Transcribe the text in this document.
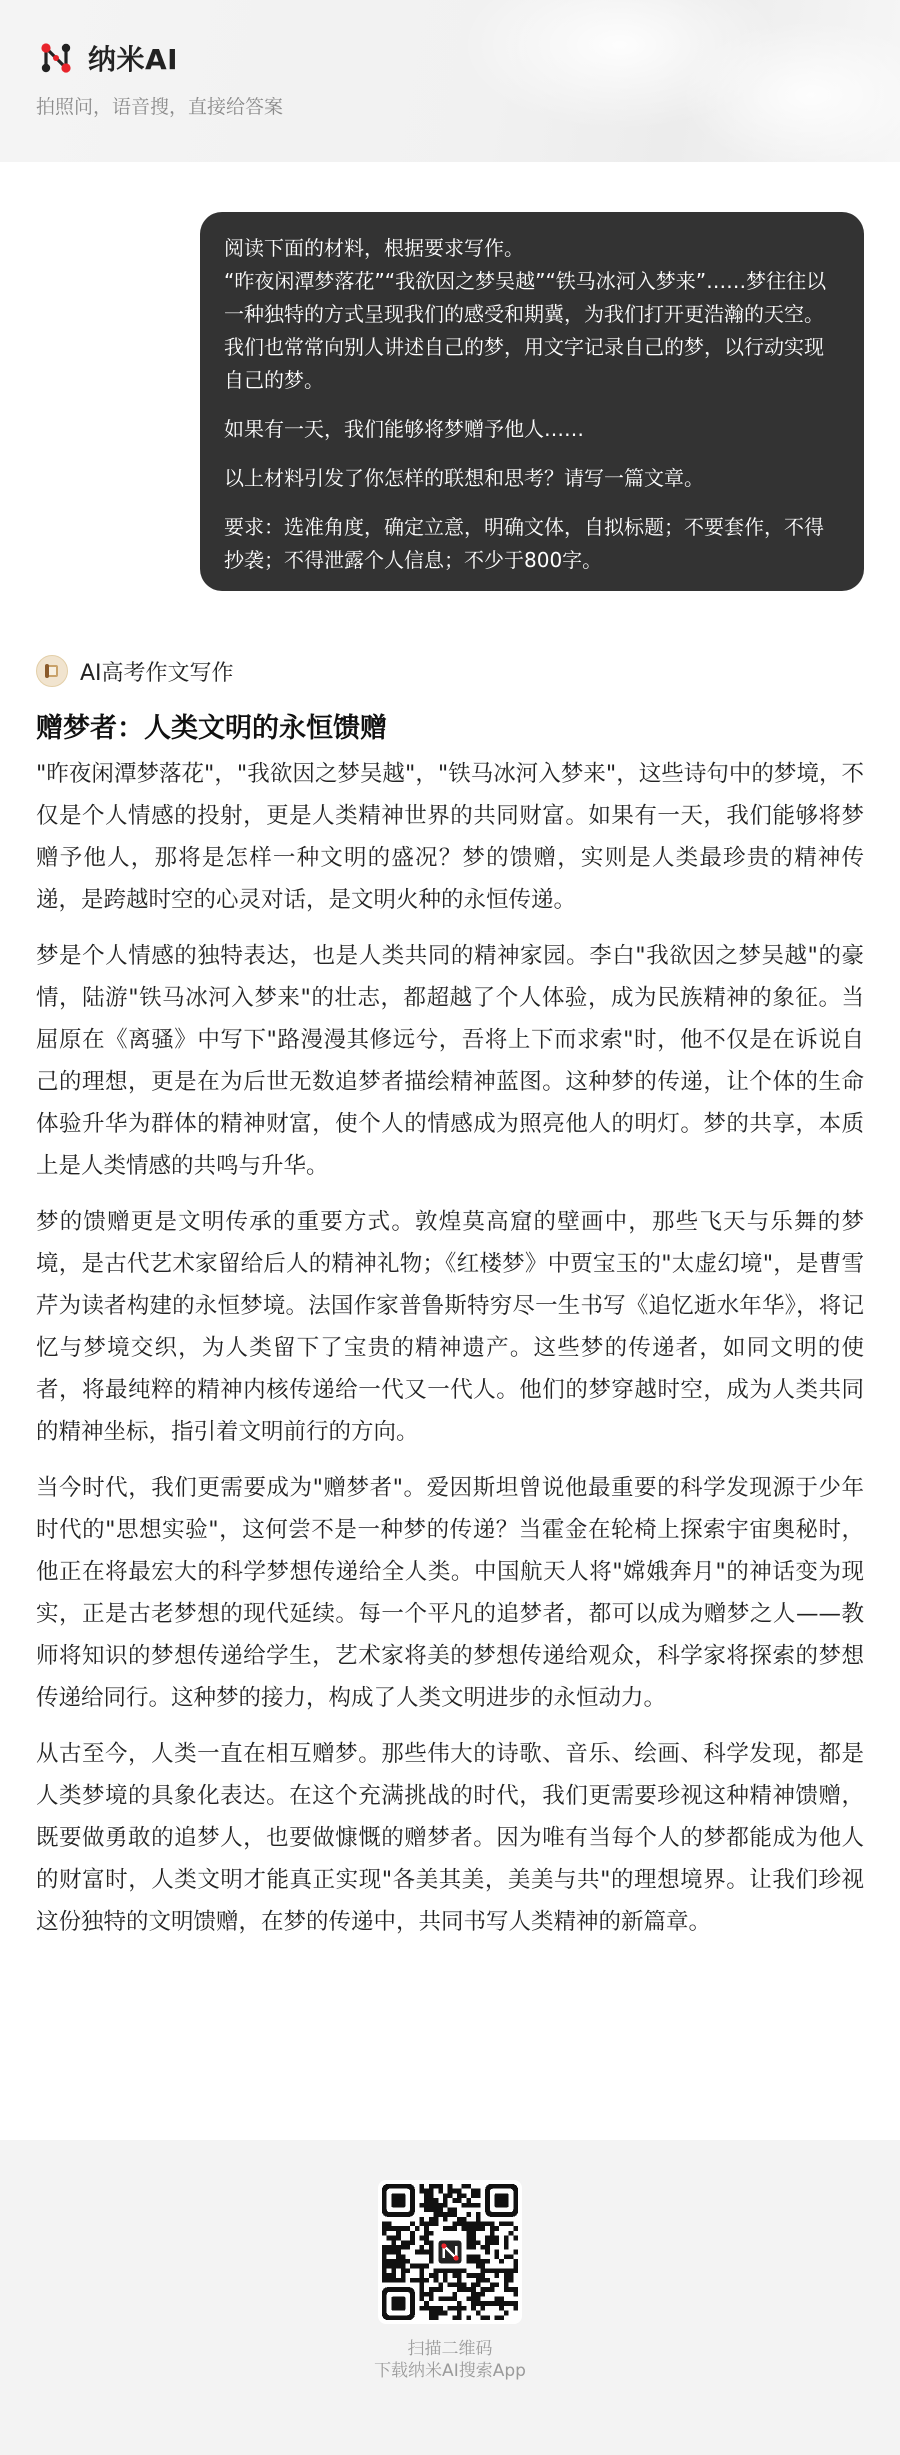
纳米AI
拍照问，语音搜，直接给答案

阅读下面的材料，根据要求写作。

“昨夜闲潭梦落花”“我欲因之梦吴越”“铁马冰河入梦来”……梦往往以一种独特的方式呈现我们的感受和期冀，为我们打开更浩瀚的天空。我们也常常向别人讲述自己的梦，用文字记录自己的梦，以行动实现自己的梦。

如果有一天，我们能够将梦赠予他人……

以上材料引发了你怎样的联想和思考？请写一篇文章。

要求：选准角度，确定立意，明确文体，自拟标题；不要套作，不得抄袭；不得泄露个人信息；不少于800字。

AI高考作文写作
赠梦者：人类文明的永恒馈赠

"昨夜闲潭梦落花"，"我欲因之梦吴越"，"铁马冰河入梦来"，这些诗句中的梦境，不仅是个人情感的投射，更是人类精神世界的共同财富。如果有一天，我们能够将梦赠予他人，那将是怎样一种文明的盛况？梦的馈赠，实则是人类最珍贵的精神传递，是跨越时空的心灵对话，是文明火种的永恒传递。

梦是个人情感的独特表达，也是人类共同的精神家园。李白"我欲因之梦吴越"的豪情，陆游"铁马冰河入梦来"的壮志，都超越了个人体验，成为民族精神的象征。当屈原在《离骚》中写下"路漫漫其修远兮，吾将上下而求索"时，他不仅是在诉说自己的理想，更是在为后世无数追梦者描绘精神蓝图。这种梦的传递，让个体的生命体验升华为群体的精神财富，使个人的情感成为照亮他人的明灯。梦的共享，本质上是人类情感的共鸣与升华。

梦的馈赠更是文明传承的重要方式。敦煌莫高窟的壁画中，那些飞天与乐舞的梦境，是古代艺术家留给后人的精神礼物；《红楼梦》中贾宝玉的"太虚幻境"，是曹雪芹为读者构建的永恒梦境。法国作家普鲁斯特穷尽一生书写《追忆逝水年华》，将记忆与梦境交织，为人类留下了宝贵的精神遗产。这些梦的传递者，如同文明的使者，将最纯粹的精神内核传递给一代又一代人。他们的梦穿越时空，成为人类共同的精神坐标，指引着文明前行的方向。

当今时代，我们更需要成为"赠梦者"。爱因斯坦曾说他最重要的科学发现源于少年时代的"思想实验"，这何尝不是一种梦的传递？当霍金在轮椅上探索宇宙奥秘时，他正在将最宏大的科学梦想传递给全人类。中国航天人将"嫦娥奔月"的神话变为现实，正是古老梦想的现代延续。每一个平凡的追梦者，都可以成为赠梦之人——教师将知识的梦想传递给学生，艺术家将美的梦想传递给观众，科学家将探索的梦想传递给同行。这种梦的接力，构成了人类文明进步的永恒动力。

从古至今，人类一直在相互赠梦。那些伟大的诗歌、音乐、绘画、科学发现，都是人类梦境的具象化表达。在这个充满挑战的时代，我们更需要珍视这种精神馈赠，既要做勇敢的追梦人，也要做慷慨的赠梦者。因为唯有当每个人的梦都能成为他人的财富时，人类文明才能真正实现"各美其美，美美与共"的理想境界。让我们珍视这份独特的文明馈赠，在梦的传递中，共同书写人类精神的新篇章。

扫描二维码
下载纳米AI搜索App
